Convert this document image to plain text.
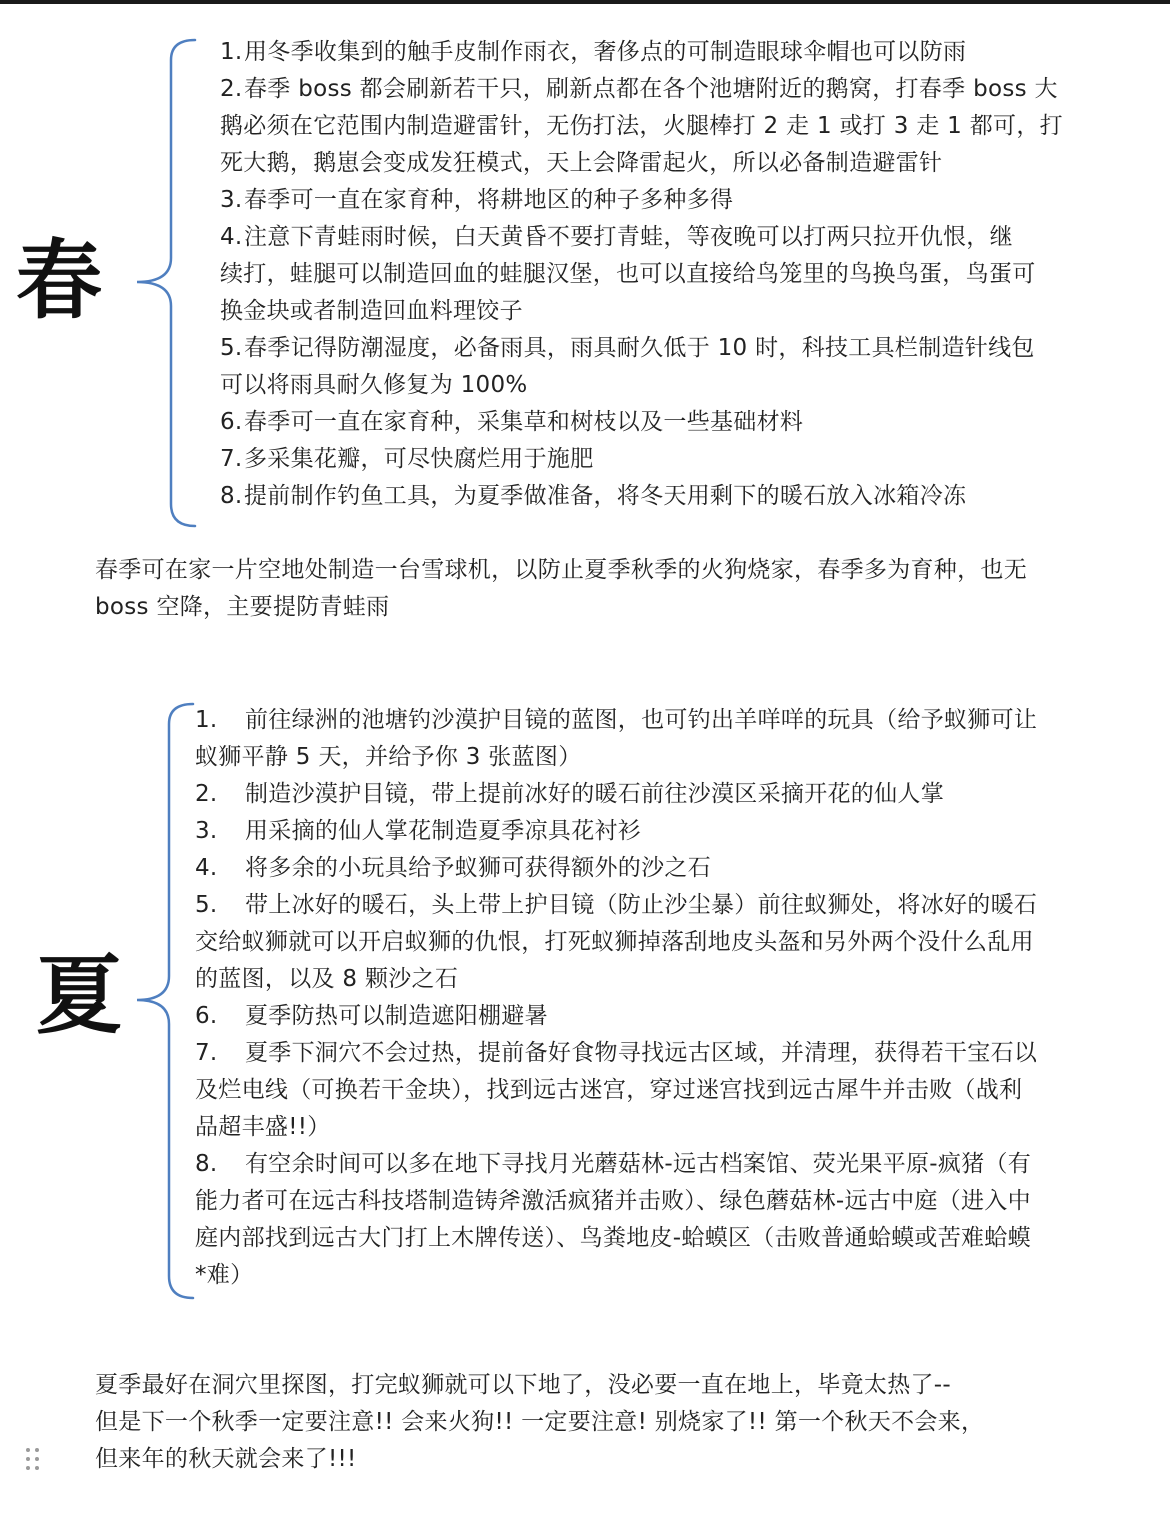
春
1.用冬季收集到的触手皮制作雨衣，奢侈点的可制造眼球伞帽也可以防雨
2.春季 boss 都会刷新若干只，刷新点都在各个池塘附近的鹅窝，打春季 boss 大
鹅必须在它范围内制造避雷针，无伤打法，火腿棒打 2 走 1 或打 3 走 1 都可，打
死大鹅，鹅崽会变成发狂模式，天上会降雷起火，所以必备制造避雷针
3.春季可一直在家育种，将耕地区的种子多种多得
4.注意下青蛙雨时候，白天黄昏不要打青蛙，等夜晚可以打两只拉开仇恨，继
续打，蛙腿可以制造回血的蛙腿汉堡，也可以直接给鸟笼里的鸟换鸟蛋，鸟蛋可
换金块或者制造回血料理饺子
5.春季记得防潮湿度，必备雨具，雨具耐久低于 10 时，科技工具栏制造针线包
可以将雨具耐久修复为 100%
6.春季可一直在家育种，采集草和树枝以及一些基础材料
7.多采集花瓣，可尽快腐烂用于施肥
8.提前制作钓鱼工具，为夏季做准备，将冬天用剩下的暖石放入冰箱冷冻
春季可在家一片空地处制造一台雪球机，以防止夏季秋季的火狗烧家，春季多为育种，也无
boss 空降，主要提防青蛙雨
夏
1. 前往绿洲的池塘钓沙漠护目镜的蓝图，也可钓出羊咩咩的玩具（给予蚁狮可让
蚁狮平静 5 天，并给予你 3 张蓝图）
2. 制造沙漠护目镜，带上提前冰好的暖石前往沙漠区采摘开花的仙人掌
3. 用采摘的仙人掌花制造夏季凉具花衬衫
4. 将多余的小玩具给予蚁狮可获得额外的沙之石
5. 带上冰好的暖石，头上带上护目镜（防止沙尘暴）前往蚁狮处，将冰好的暖石
交给蚁狮就可以开启蚁狮的仇恨，打死蚁狮掉落刮地皮头盔和另外两个没什么乱用
的蓝图，以及 8 颗沙之石
6. 夏季防热可以制造遮阳棚避暑
7. 夏季下洞穴不会过热，提前备好食物寻找远古区域，并清理，获得若干宝石以
及烂电线（可换若干金块），找到远古迷宫，穿过迷宫找到远古犀牛并击败（战利
品超丰盛!!）
8. 有空余时间可以多在地下寻找月光蘑菇林-远古档案馆、荧光果平原-疯猪（有
能力者可在远古科技塔制造铸斧激活疯猪并击败）、绿色蘑菇林-远古中庭（进入中
庭内部找到远古大门打上木牌传送）、鸟粪地皮-蛤蟆区（击败普通蛤蟆或苦难蛤蟆
*难）
夏季最好在洞穴里探图，打完蚁狮就可以下地了，没必要一直在地上，毕竟太热了--
但是下一个秋季一定要注意!! 会来火狗!! 一定要注意! 别烧家了!! 第一个秋天不会来，
但来年的秋天就会来了!!!
